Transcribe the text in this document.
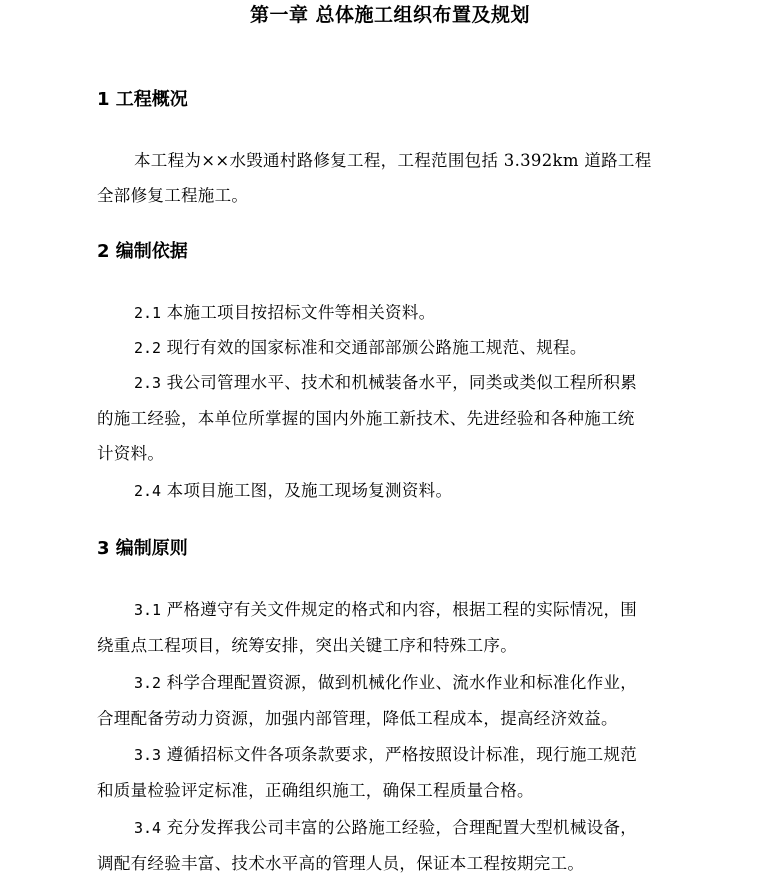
第一章 总体施工组织布置及规划
1 工程概况
本工程为××水毁通村路修复工程，工程范围包括 3.392km 道路工程
全部修复工程施工。
2 编制依据
2.1 本施工项目按招标文件等相关资料。
2.2 现行有效的国家标准和交通部部颁公路施工规范、规程。
2.3 我公司管理水平、技术和机械装备水平，同类或类似工程所积累
的施工经验，本单位所掌握的国内外施工新技术、先进经验和各种施工统
计资料。
2.4 本项目施工图，及施工现场复测资料。
3 编制原则
3.1 严格遵守有关文件规定的格式和内容，根据工程的实际情况，围
绕重点工程项目，统筹安排，突出关键工序和特殊工序。
3.2 科学合理配置资源，做到机械化作业、流水作业和标准化作业，
合理配备劳动力资源，加强内部管理，降低工程成本，提高经济效益。
3.3 遵循招标文件各项条款要求，严格按照设计标准，现行施工规范
和质量检验评定标准，正确组织施工，确保工程质量合格。
3.4 充分发挥我公司丰富的公路施工经验，合理配置大型机械设备，
调配有经验丰富、技术水平高的管理人员，保证本工程按期完工。
